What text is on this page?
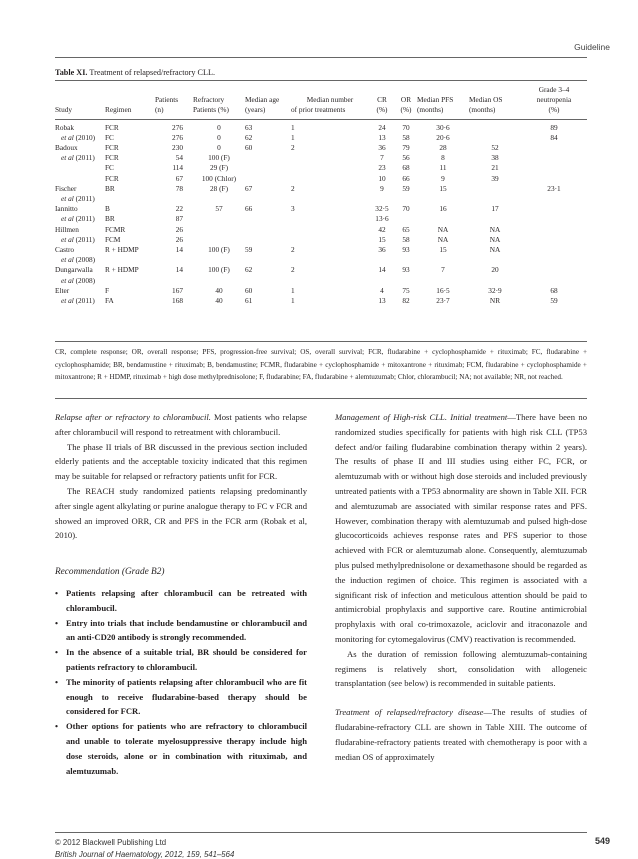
Guideline
Table XI. Treatment of relapsed/refractory CLL.
										Grade 3–4
		Patients	Refractory	Median age	Median number	CR	OR	Median PFS	Median OS	neutropenia
Study	Regimen	(n)	Patients (%)	(years)	of prior treatments	(%)	(%)	(months)	(months)	(%)
Robak	FCR	276	0	63	1	24	70	30·6		89
et al (2010)	FC	276	0	62	1	13	58	20·6		84
Badoux	FCR	230	0	60	2	36	79	28	52	
et al (2011)	FCR	54	100 (F)			7	56	8	38	
	FC	114	29 (F)			23	68	11	21	
	FCR	67	100 (Chlor)			10	66	9	39	
Fischer	BR	78	28 (F)	67	2	9	59	15		23·1
et al (2011)										
Iannitto	B	22	57	66	3	32·5	70	16	17	
et al (2011)	BR	87				13·6				
Hillmen	FCMR	26				42	65	NA	NA	
et al (2011)	FCM	26				15	58	NA	NA	
Castro	R + HDMP	14	100 (F)	59	2	36	93	15	NA	
et al (2008)										
Dungarwalla	R + HDMP	14	100 (F)	62	2	14	93	7	20	
et al (2008)										
Elter	F	167	40	60	1	4	75	16·5	32·9	68
et al (2011)	FA	168	40	61	1	13	82	23·7	NR	59
CR, complete response; OR, overall response; PFS, progression-free survival; OS, overall survival; FCR, fludarabine + cyclophosphamide + rituximab; FC, fludarabine + cyclophosphamide; BR, bendamustine + rituximab; B, bendamustine; FCMR, fludarabine + cyclophosphamide + mitoxantrone + rituximab; FCM, fludarabine + cyclophosphamide + mitoxantrone; R + HDMP, rituximab + high dose methylprednisolone; F, fludarabine; FA, fludarabine + alemtuzumab; Chlor, chlorambucil; NA; not available; NR, not reached.

Relapse after or refractory to chlorambucil. Most patients who relapse after chlorambucil will respond to retreatment with chlorambucil.

The phase II trials of BR discussed in the previous section included elderly patients and the acceptable toxicity indicated that this regimen may be suitable for relapsed or refractory patients unfit for FCR.

The REACH study randomized patients relapsing predominantly after single agent alkylating or purine analogue therapy to FC v FCR and showed an improved ORR, CR and PFS in the FCR arm (Robak et al, 2010).

Recommendation (Grade B2)

• Patients relapsing after chlorambucil can be retreated with chlorambucil.
• Entry into trials that include bendamustine or chlorambucil and an anti-CD20 antibody is strongly recommended.
• In the absence of a suitable trial, BR should be considered for patients refractory to chlorambucil.
• The minority of patients relapsing after chlorambucil who are fit enough to receive fludarabine-based therapy should be considered for FCR.
• Other options for patients who are refractory to chlorambucil and unable to tolerate myelosuppressive therapy include high dose steroids, alone or in combination with rituximab, and alemtuzumab.

Management of High-risk CLL. Initial treatment—There have been no randomized studies specifically for patients with high risk CLL (TP53 defect and/or failing fludarabine combination therapy within 2 years). The results of phase II and III studies using either FC, FCR, or alemtuzumab with or without high dose steroids and included previously untreated patients with a TP53 abnormality are shown in Table XII. FCR and alemtuzumab are associated with similar response rates and PFS. However, combination therapy with alemtuzumab and pulsed high-dose glucocorticoids achieves response rates and PFS superior to those achieved with FCR or alemtuzumab alone. Consequently, alemtuzumab plus pulsed methylprednisolone or dexamethasone should be regarded as the induction regimen of choice. This regimen is associated with a significant risk of infection and meticulous attention should be paid to antimicrobial prophylaxis and supportive care. Routine antimicrobial prophylaxis with oral co-trimoxazole, aciclovir and itraconazole and monitoring for cytomegalovirus (CMV) reactivation is recommended.

As the duration of remission following alemtuzumab-containing regimens is relatively short, consolidation with allogeneic transplantation (see below) is recommended in suitable patients.

Treatment of relapsed/refractory disease—The results of studies of fludarabine-refractory CLL are shown in Table XIII. The outcome of fludarabine-refractory patients treated with chemotherapy is poor with a median OS of approximately

© 2012 Blackwell Publishing Ltd
British Journal of Haematology, 2012, 159, 541–564
549
